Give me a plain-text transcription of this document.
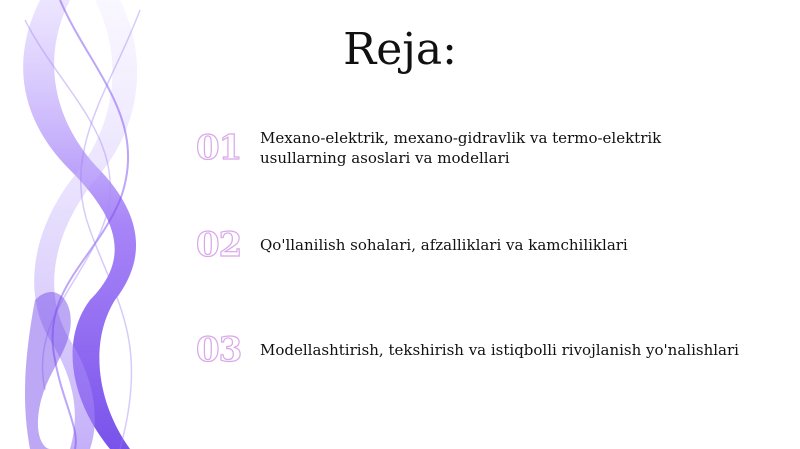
Reja:
01	Mexano-elektrik, mexano-gidravlik va termo-elektrik usullarning asoslari va modellari
02	Qo'llanilish sohalari, afzalliklari va kamchiliklari
03	Modellashtirish, tekshirish va istiqbolli rivojlanish yo'nalishlari
